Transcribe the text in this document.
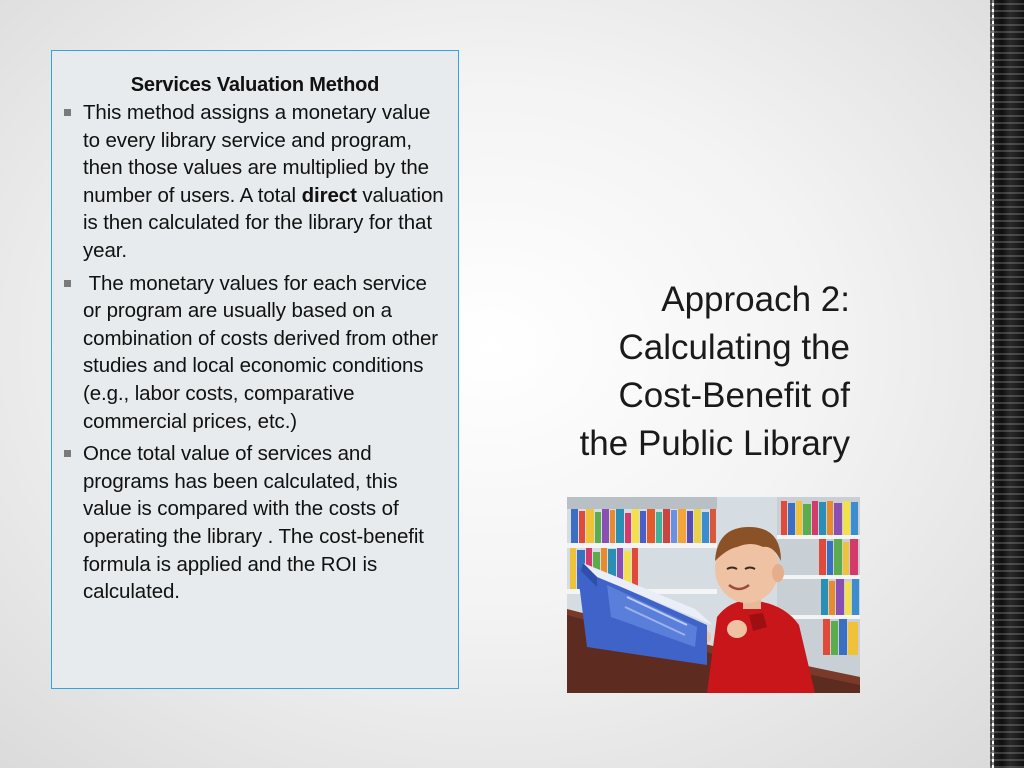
Services Valuation Method
This method assigns a monetary value to every library service and program, then those values are multiplied by the number of users. A total direct valuation is then calculated for the library for that year.
The monetary values for each service or program are usually based on a combination of costs derived from other studies and local economic conditions (e.g., labor costs, comparative commercial prices, etc.)
Once total value of services and programs has been calculated, this value is compared with the costs of operating the library . The cost-benefit formula is applied and the ROI is calculated.
Approach 2:
Calculating the
Cost-Benefit of
the Public Library
